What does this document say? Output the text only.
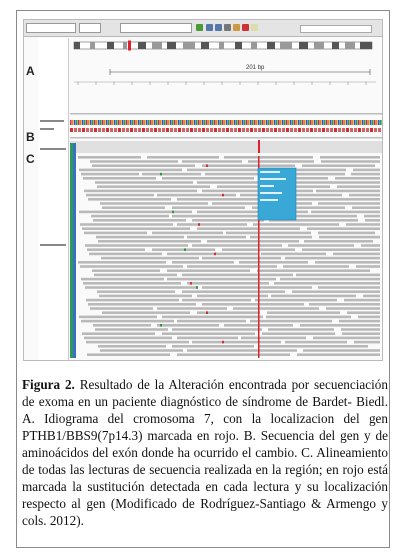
A
B
C
201 bp
Figura 2. Resultado de la Alteración encontrada por secuenciación de exoma en un paciente diagnóstico de síndrome de Bardet- Biedl. A. Idiograma del cromosoma 7, con la localizacion del gen PTHB1/BBS9(7p14.3) marcada en rojo. B. Secuencia del gen y de aminoácidos del exón donde ha ocurrido el cambio. C. Alineamiento de todas las lecturas de secuencia realizada en la región; en rojo está marcada la sustitución detectada en cada lectura y su localización respecto al gen (Modificado de Rodríguez-Santiago & Armengo y cols. 2012).
